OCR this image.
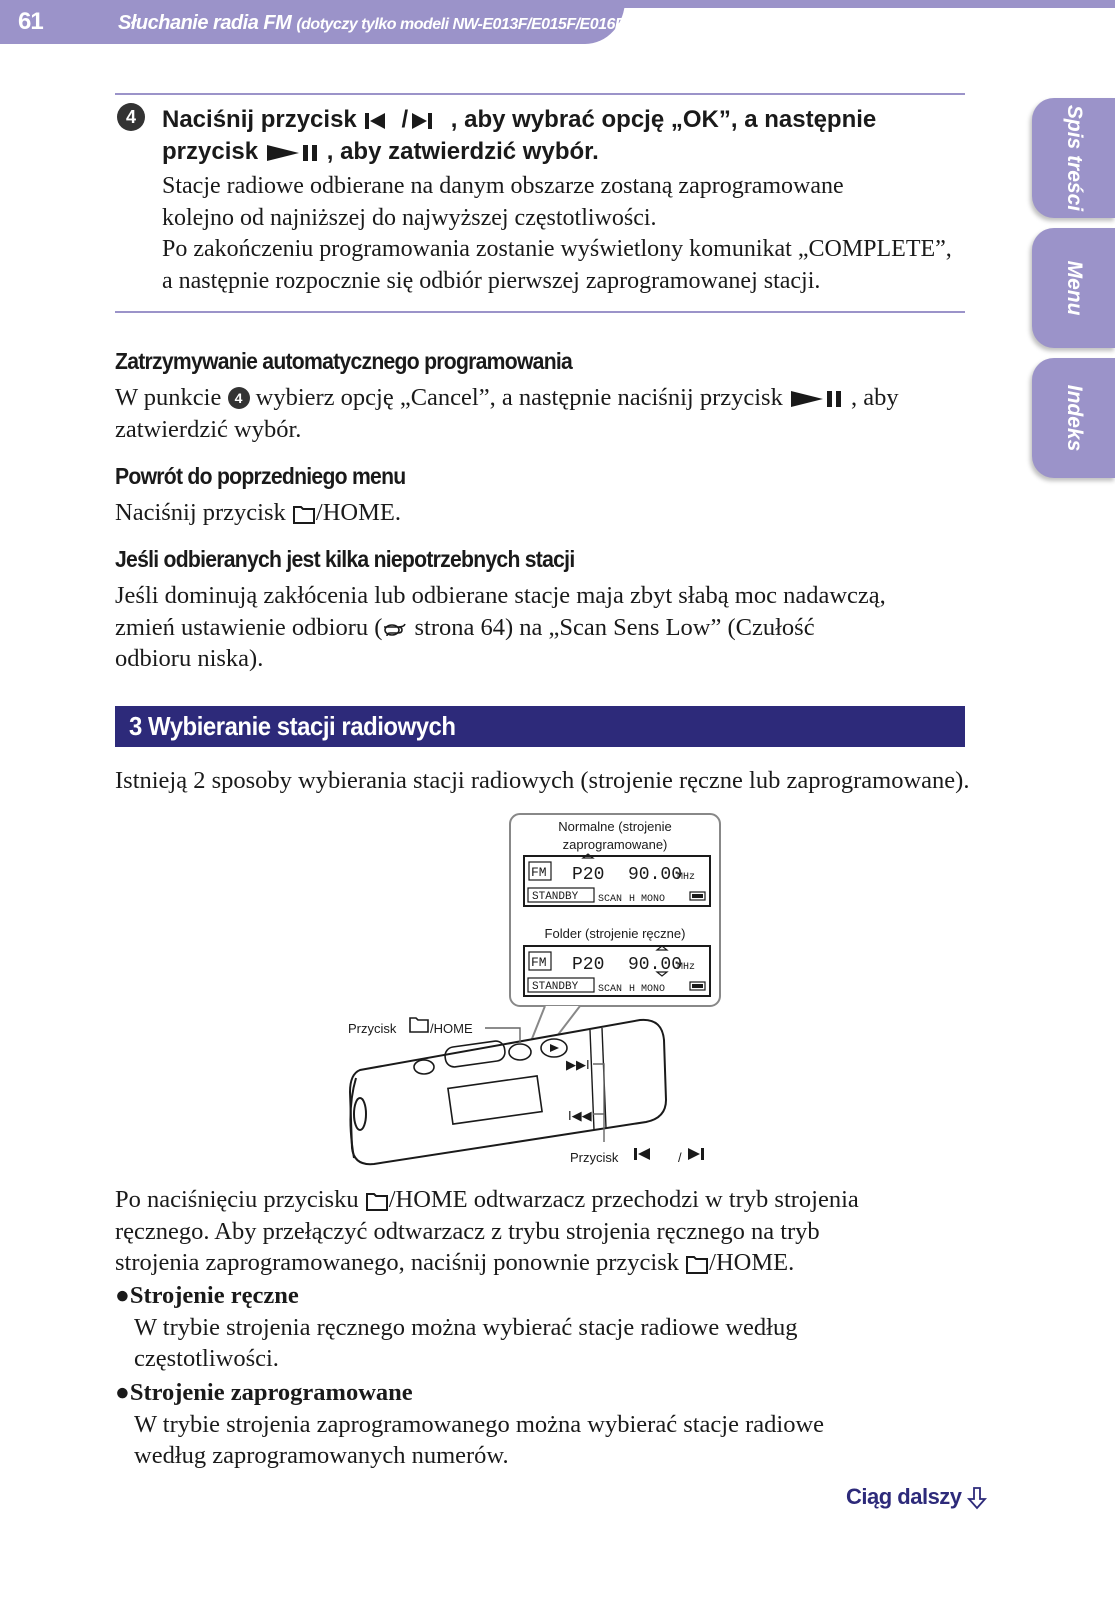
61	Słuchanie radia FM (dotyczy tylko modeli NW-E013F/E015F/E016F)
Spis treści
Menu
Indeks
4	Naciśnij przycisk / , aby wybrać opcję „OK”, a następnie
przycisk	, aby zatwierdzić wybór.
Stacje radiowe odbierane na danym obszarze zostaną zaprogramowane
kolejno od najniższej do najwyższej częstotliwości.
Po zakończeniu programowania zostanie wyświetlony komunikat „COMPLETE”,
a następnie rozpocznie się odbiór pierwszej zaprogramowanej stacji.
Zatrzymywanie automatycznego programowania
W punkcie 4 wybierz opcję „Cancel”, a następnie naciśnij przycisk	, aby
zatwierdzić wybór.
Powrót do poprzedniego menu
Naciśnij przycisk /HOME.
Jeśli odbieranych jest kilka niepotrzebnych stacji
Jeśli dominują zakłócenia lub odbierane stacje maja zbyt słabą moc nadawczą,
zmień ustawienie odbioru ( strona 64) na „Scan Sens Low” (Czułość
odbioru niska).
3 Wybieranie stacji radiowych
Istnieją 2 sposoby wybierania stacji radiowych (strojenie ręczne lub zaprogramowane).
Normalne (strojenie
zaprogramowane)
FM P20 90.00
MHz
STANDBY SCAN H MONO
Folder (strojenie ręczne)
FM P20 90.00
MHz
STANDBY SCAN H MONO
▶▶I
I◀◀
Przycisk	/HOME
Przycisk	/
Po naciśnięciu przycisku /HOME odtwarzacz przechodzi w tryb strojenia
ręcznego. Aby przełączyć odtwarzacz z trybu strojenia ręcznego na tryb
strojenia zaprogramowanego, naciśnij ponownie przycisk /HOME.
●Strojenie ręczne
W trybie strojenia ręcznego można wybierać stacje radiowe według
częstotliwości.
●Strojenie zaprogramowane
W trybie strojenia zaprogramowanego można wybierać stacje radiowe
według zaprogramowanych numerów.
Ciąg dalszy
